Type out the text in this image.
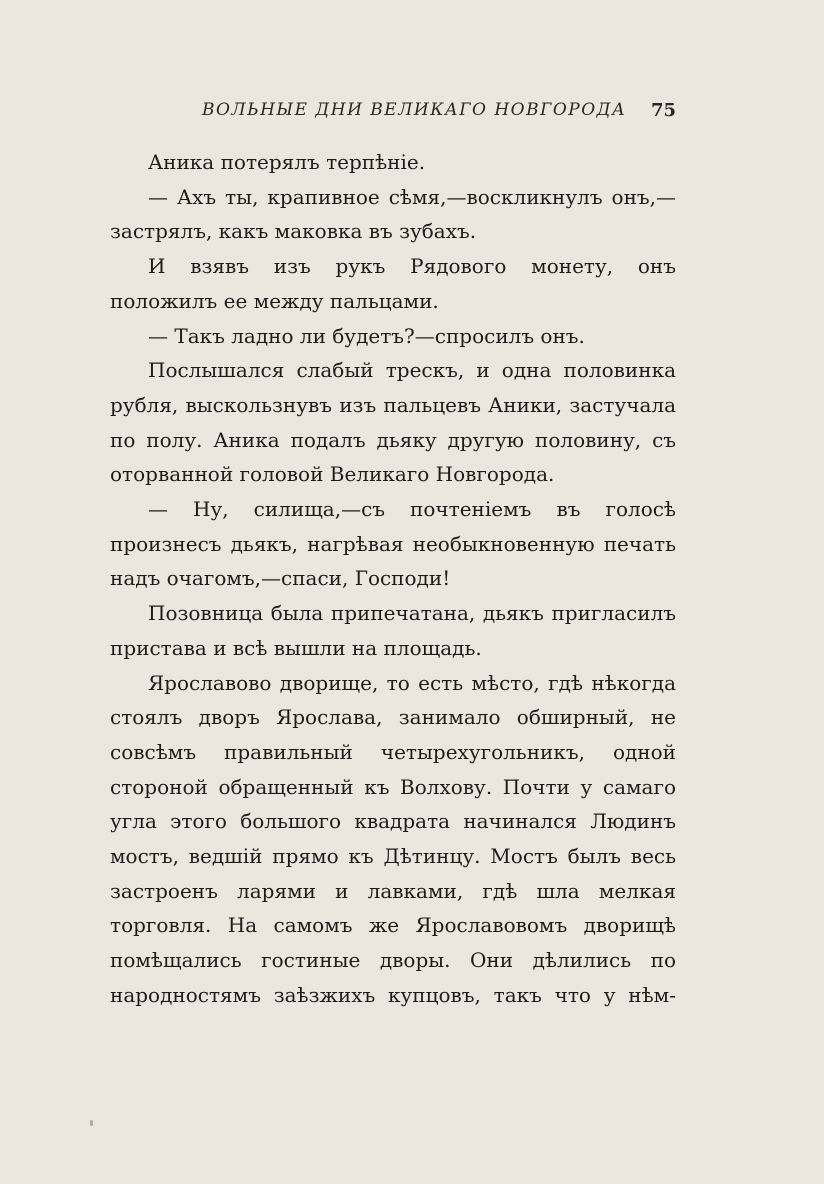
ВОЛЬНЫЕ ДНИ ВЕЛИКАГО НОВГОРОДА 75

Аника потерялъ терпѣніе.

— Ахъ ты, крапивное сѣмя,—воскликнулъ онъ,— застрялъ, какъ маковка въ зубахъ.

И взявъ изъ рукъ Рядового монету, онъ положилъ ее между пальцами.

— Такъ ладно ли будетъ?—спросилъ онъ.

Послышался слабый трескъ, и одна половинка рубля, выскользнувъ изъ пальцевъ Аники, застучала по полу. Аника подалъ дьяку другую половину, съ оторванной головой Великаго Новгорода.

— Ну, силища,—съ почтеніемъ въ голосѣ произнесъ дьякъ, нагрѣвая необыкновенную печать надъ очагомъ,—спаси, Господи!

Позовница была припечатана, дьякъ пригласилъ пристава и всѣ вышли на площадь.

Ярославово дворище, то есть мѣсто, гдѣ нѣкогда стоялъ дворъ Ярослава, занимало обширный, не совсѣмъ правильный четырехугольникъ, одной стороной обращенный къ Волхову. Почти у самаго угла этого большого квадрата начинался Людинъ мостъ, ведшій прямо къ Дѣтинцу. Мостъ былъ весь застроенъ ларями и лавками, гдѣ шла мелкая торговля. На самомъ же Ярославовомъ дворищѣ помѣщались гостиные дворы. Они дѣлились по народностямъ заѣзжихъ купцовъ, такъ что у нѣм-
